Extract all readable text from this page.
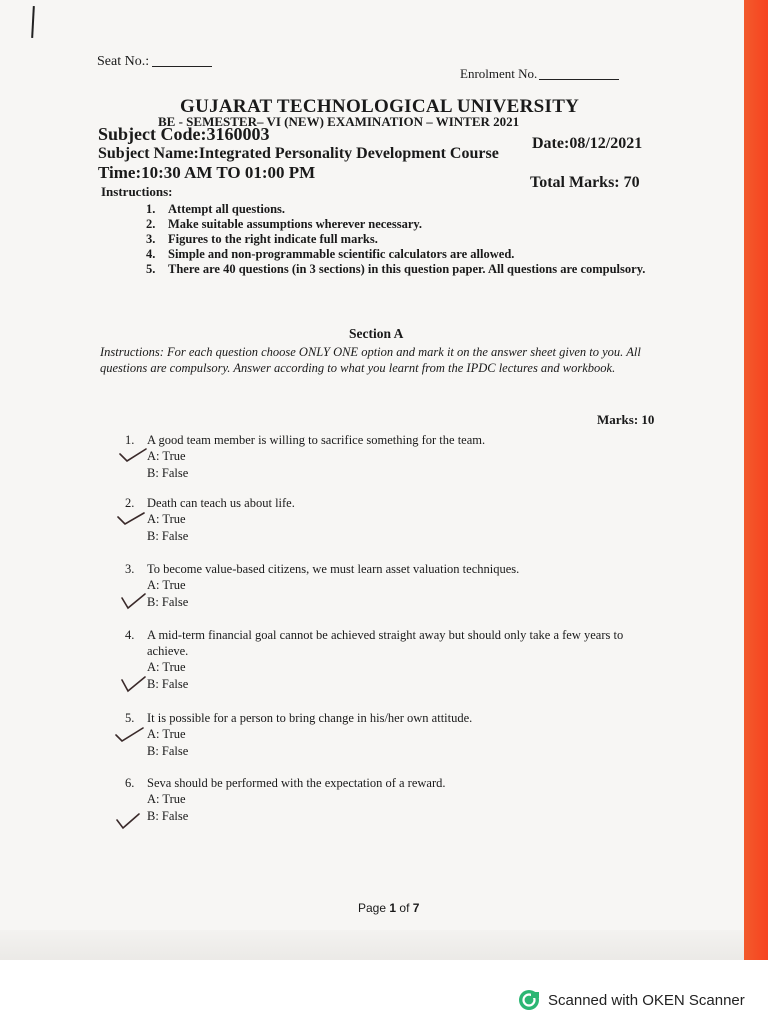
Seat No.:
Enrolment No.
GUJARAT TECHNOLOGICAL UNIVERSITY
BE - SEMESTER– VI (NEW) EXAMINATION – WINTER 2021
Subject Code:3160003	Date:08/12/2021
Subject Name:Integrated Personality Development Course
Time:10:30 AM TO 01:00 PM
Total Marks: 70
Instructions:
1.	Attempt all questions.
2.	Make suitable assumptions wherever necessary.
3.	Figures to the right indicate full marks.
4.	Simple and non-programmable scientific calculators are allowed.
5.	There are 40 questions (in 3 sections) in this question paper. All questions are compulsory.
Section A
Instructions: For each question choose ONLY ONE option and mark it on the answer sheet given to you. All questions are compulsory. Answer according to what you learnt from the IPDC lectures and workbook.
Marks: 10
1.	A good team member is willing to sacrifice something for the team.
A: True
B: False
2.	Death can teach us about life.
A: True
B: False
3.	To become value-based citizens, we must learn asset valuation techniques.
A: True
B: False
4.	A mid-term financial goal cannot be achieved straight away but should only take a few years to achieve.
A: True
B: False
5.	It is possible for a person to bring change in his/her own attitude.
A: True
B: False
6.	Seva should be performed with the expectation of a reward.
A: True
B: False
Page 1 of 7
Scanned with OKEN Scanner
